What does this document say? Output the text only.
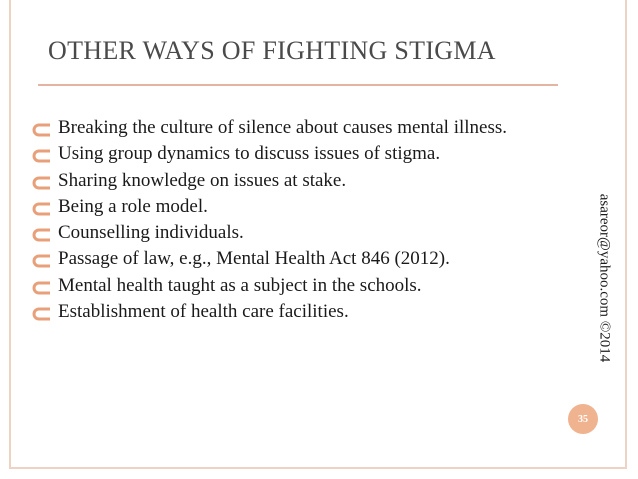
OTHER WAYS OF FIGHTING STIGMA
Breaking the culture of silence about causes mental illness.
Using group dynamics to discuss issues of stigma.
Sharing knowledge on issues at stake.
Being a role model.
Counselling individuals.
Passage of law, e.g., Mental Health Act 846 (2012).
Mental health taught as a subject in the schools.
Establishment of health care facilities.	asareor@yahoo.com ©2014
35
